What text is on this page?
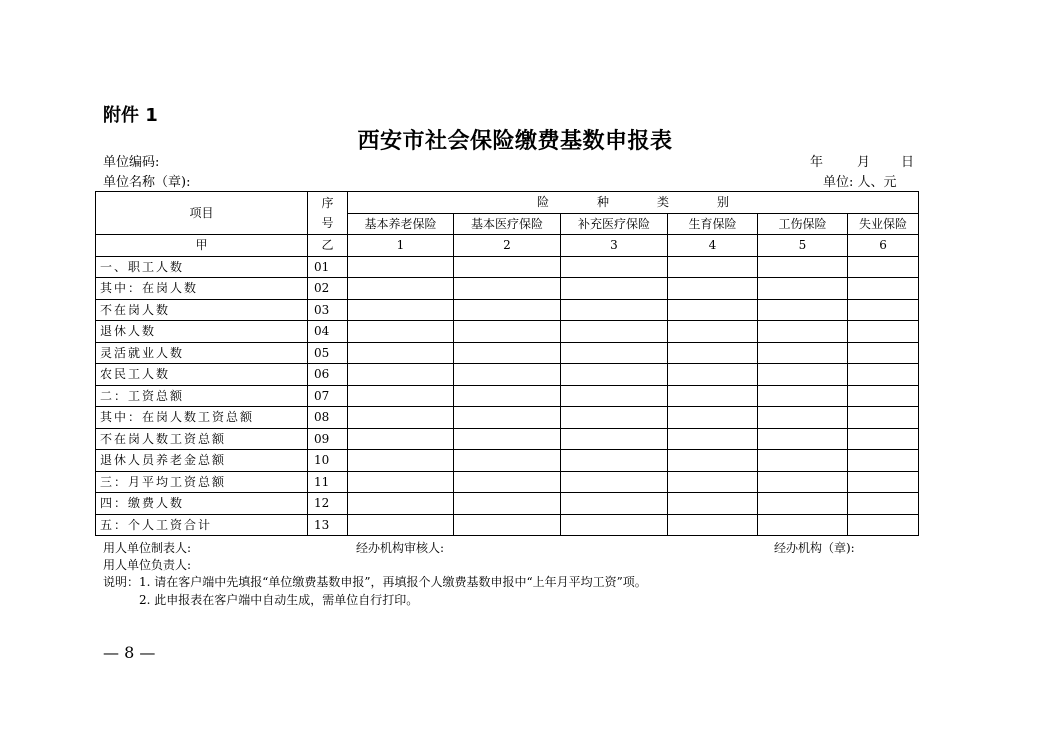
附件 1
西安市社会保险缴费基数申报表
单位编码:	年	月 日
单位名称（章):	单位: 人、元
项目	序号	险　　　　种　　　　类　　　　别					
		基本养老保险	基本医疗保险	补充医疗保险	生育保险	工伤保险	失业保险
甲	乙	1	2	3	4	5	6
一、职工人数	01						
其中：在岗人数	02						
不在岗人数	03						
退休人数	04						
灵活就业人数	05						
农民工人数	06						
二：工资总额	07						
其中：在岗人数工资总额	08						
不在岗人数工资总额	09						
退休人员养老金总额	10						
三：月平均工资总额	11						
四：缴费人数	12						
五：个人工资合计	13						
用人单位制表人:	经办机构审核人:	经办机构（章):
用人单位负责人:
说明：1. 请在客户端中先填报“单位缴费基数申报”，再填报个人缴费基数申报中“上年月平均工资”项。
2. 此申报表在客户端中自动生成，需单位自行打印。
— 8 —
